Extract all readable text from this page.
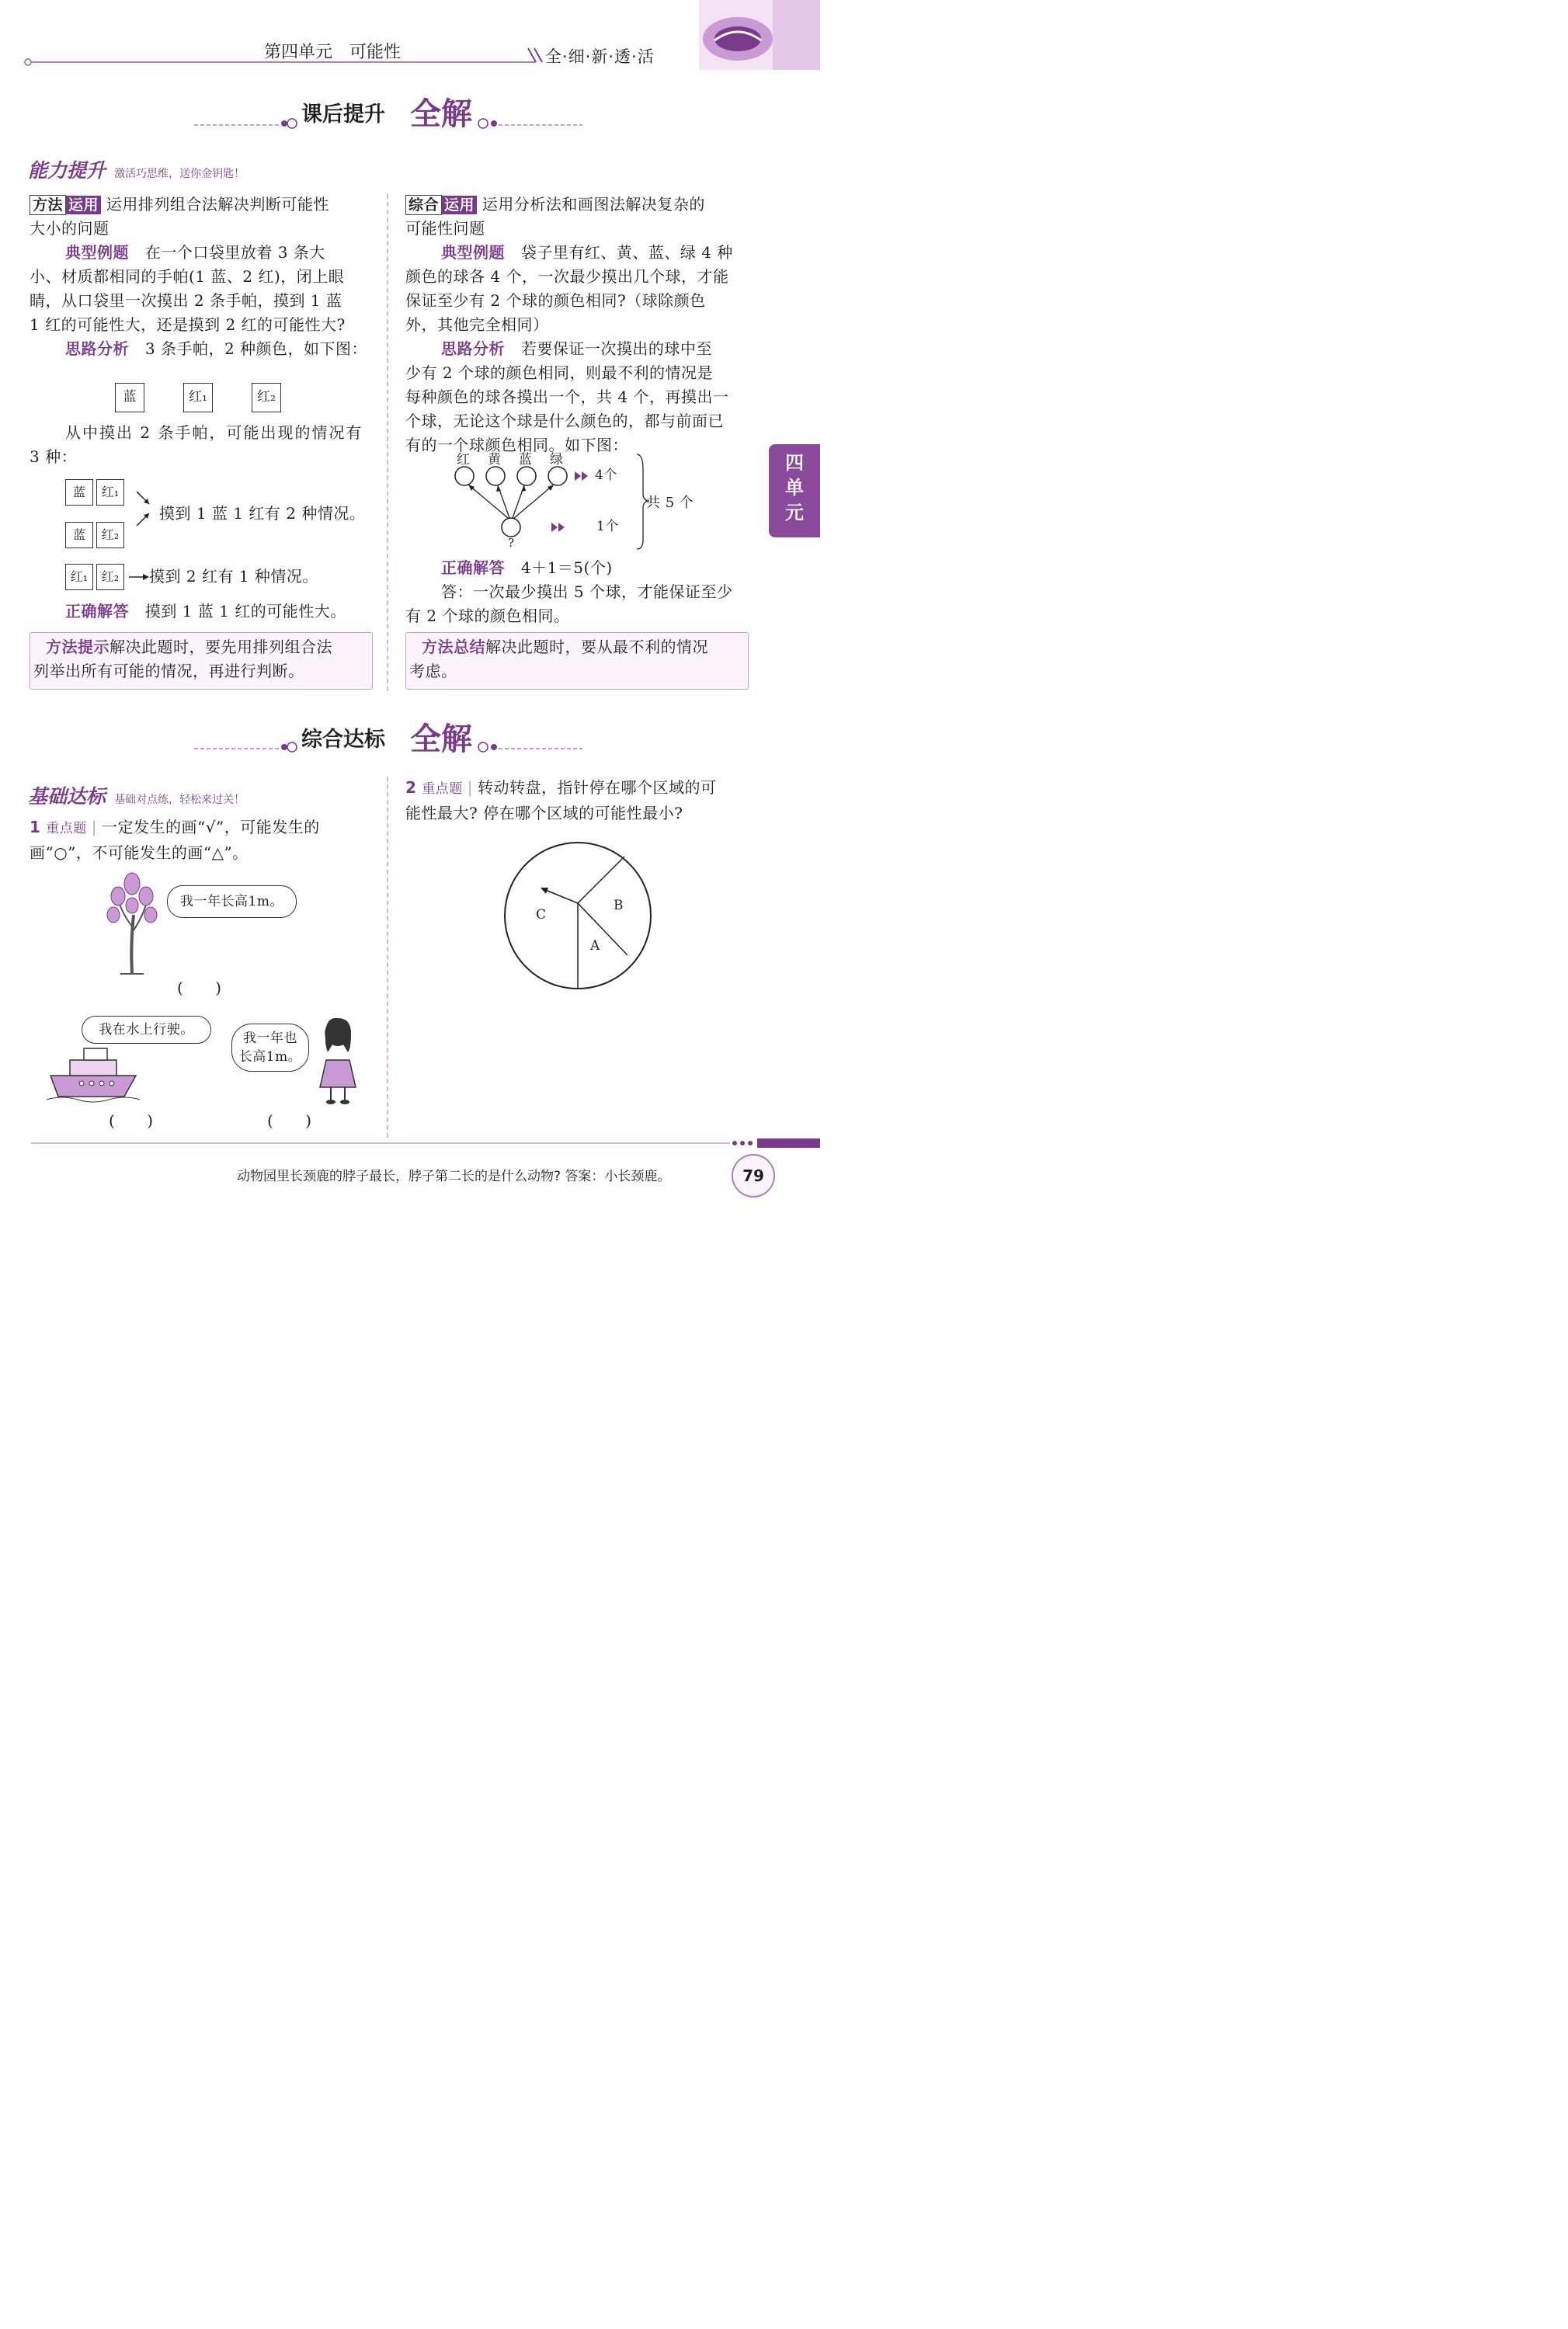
第四单元　可能性	全·细·新·透·活
课后提升 全解
能力提升 激活巧思维，送你金钥匙！
方法 运用 运用排列组合法解决判断可能性
大小的问题
典型例题 在一个口袋里放着 3 条大
小、材质都相同的手帕(1 蓝、2 红)，闭上眼
睛，从口袋里一次摸出 2 条手帕，摸到 1 蓝
1 红的可能性大，还是摸到 2 红的可能性大?
思路分析 3 条手帕，2 种颜色，如下图：
蓝	红₁	红₂
从中摸出 2 条手帕，可能出现的情况有
3 种：
蓝	红₁
蓝	红₂
红₁	红₂
摸到 1 蓝 1 红有 2 种情况。
摸到 2 红有 1 种情况。
正确解答 摸到 1 蓝 1 红的可能性大。
方法提示解决此题时，要先用排列组合法
列举出所有可能的情况，再进行判断。
综合 运用 运用分析法和画图法解决复杂的
可能性问题
典型例题 袋子里有红、黄、蓝、绿 4 种
颜色的球各 4 个，一次最少摸出几个球，才能
保证至少有 2 个球的颜色相同?（球除颜色
外，其他完全相同）
思路分析 若要保证一次摸出的球中至
少有 2 个球的颜色相同，则最不利的情况是
每种颜色的球各摸出一个，共 4 个，再摸出一
个球，无论这个球是什么颜色的，都与前面已
有的一个球颜色相同。如下图：
红 黄 蓝 绿
4个
1个
共 5 个
?
正确解答 4＋1＝5(个)
答：一次最少摸出 5 个球，才能保证至少
有 2 个球的颜色相同。
方法总结解决此题时，要从最不利的情况
考虑。
四
单
元
综合达标 全解
基础达标 基础对点练，轻松来过关！
1 重点题 | 一定发生的画“√”，可能发生的
画“○”，不可能发生的画“△”。
我一年长高1m。
(　　)
我在水上行驶。
(　　)
我一年也
长高1m。
(　　)
2 重点题 | 转动转盘，指针停在哪个区域的可
能性最大? 停在哪个区域的可能性最小?
A
B
C
动物园里长颈鹿的脖子最长，脖子第二长的是什么动物? 答案：小长颈鹿。	79
